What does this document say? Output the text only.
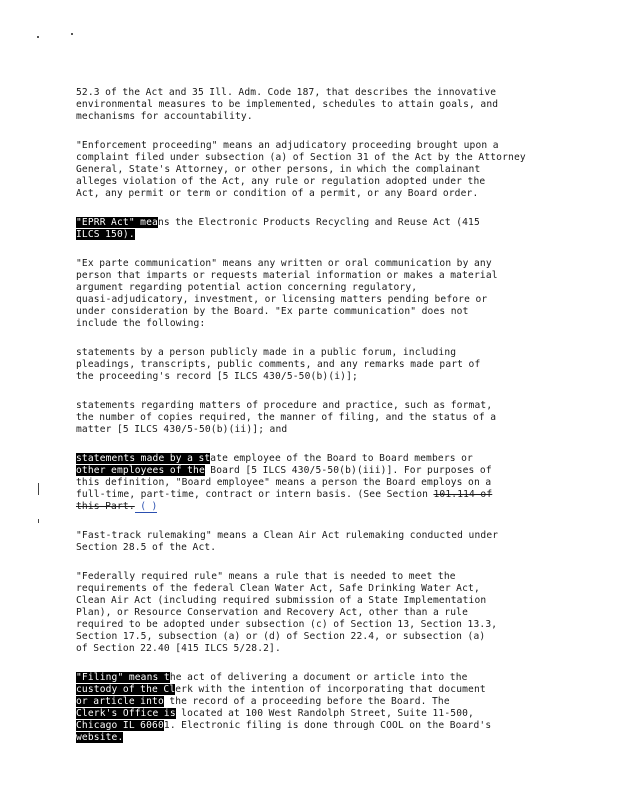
52.3 of the Act and 35 Ill. Adm. Code 187, that describes the innovative
environmental measures to be implemented, schedules to attain goals, and
mechanisms for accountability.

"Enforcement proceeding" means an adjudicatory proceeding brought upon a
complaint filed under subsection (a) of Section 31 of the Act by the Attorney
General, State's Attorney, or other persons, in which the complainant
alleges violation of the Act, any rule or regulation adopted under the
Act, any permit or term or condition of a permit, or any Board order.

"EPRR Act" means the Electronic Products Recycling and Reuse Act (415
ILCS 150).

"Ex parte communication" means any written or oral communication by any
person that imparts or requests material information or makes a material
argument regarding potential action concerning regulatory,
quasi-adjudicatory, investment, or licensing matters pending before or
under consideration by the Board. "Ex parte communication" does not
include the following:

statements by a person publicly made in a public forum, including
pleadings, transcripts, public comments, and any remarks made part of
the proceeding's record [5 ILCS 430/5-50(b)(i)];

statements regarding matters of procedure and practice, such as format,
the number of copies required, the manner of filing, and the status of a
matter [5 ILCS 430/5-50(b)(ii)]; and

statements made by a state employee of the Board to Board members or
other employees of the Board [5 ILCS 430/5-50(b)(iii)]. For purposes of
this definition, "Board employee" means a person the Board employs on a
full-time, part-time, contract or intern basis. (See Section 101.114 of
this Part. ( )

"Fast-track rulemaking" means a Clean Air Act rulemaking conducted under
Section 28.5 of the Act.

"Federally required rule" means a rule that is needed to meet the
requirements of the federal Clean Water Act, Safe Drinking Water Act,
Clean Air Act (including required submission of a State Implementation
Plan), or Resource Conservation and Recovery Act, other than a rule
required to be adopted under subsection (c) of Section 13, Section 13.3,
Section 17.5, subsection (a) or (d) of Section 22.4, or subsection (a)
of Section 22.40 [415 ILCS 5/28.2].

"Filing" means the act of delivering a document or article into the
custody of the Clerk with the intention of incorporating that document
or article into the record of a proceeding before the Board. The
Clerk's Office is located at 100 West Randolph Street, Suite 11-500,
Chicago IL 60601. Electronic filing is done through COOL on the Board's
website.
